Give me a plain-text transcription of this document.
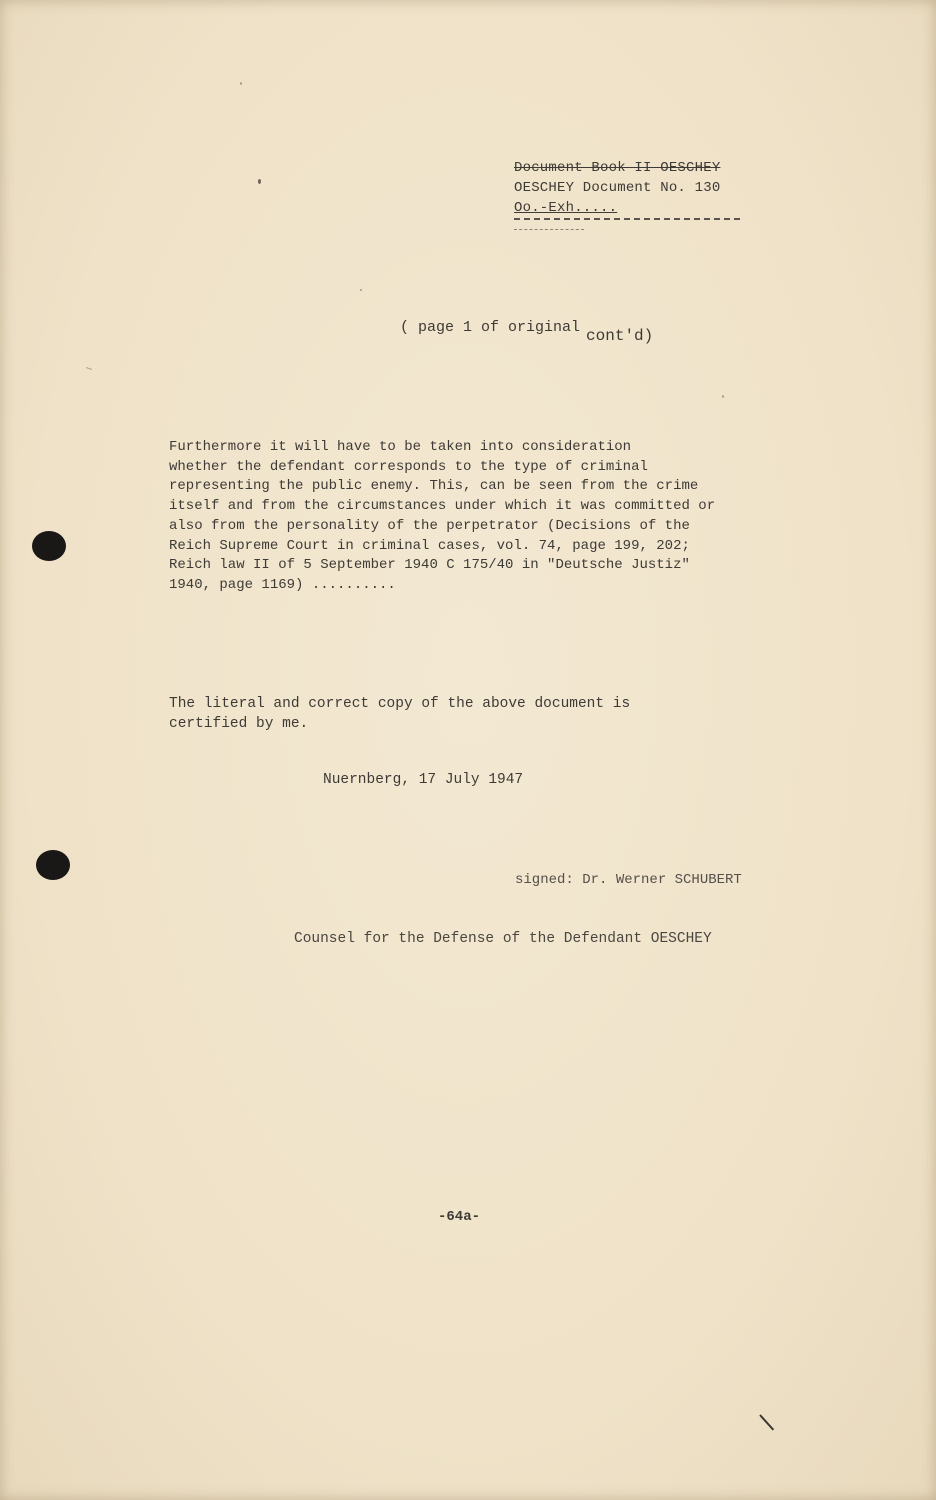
Document Book II OESCHEY
OESCHEY Document No. 130
Oo.-Exh.....
( page 1 of original cont'd)
Furthermore it will have to be taken into consideration
whether the defendant corresponds to the type of criminal
representing the public enemy. This, can be seen from the crime
itself and from the circumstances under which it was committed or
also from the personality of the perpetrator (Decisions of the
Reich Supreme Court in criminal cases, vol. 74, page 199, 202;
Reich law II of 5 September 1940 C 175/40 in "Deutsche Justiz"
1940, page 1169) ..........
The literal and correct copy of the above document is
certified by me.
Nuernberg, 17 July 1947
signed: Dr. Werner SCHUBERT
Counsel for the Defense of the Defendant OESCHEY
-64a-
